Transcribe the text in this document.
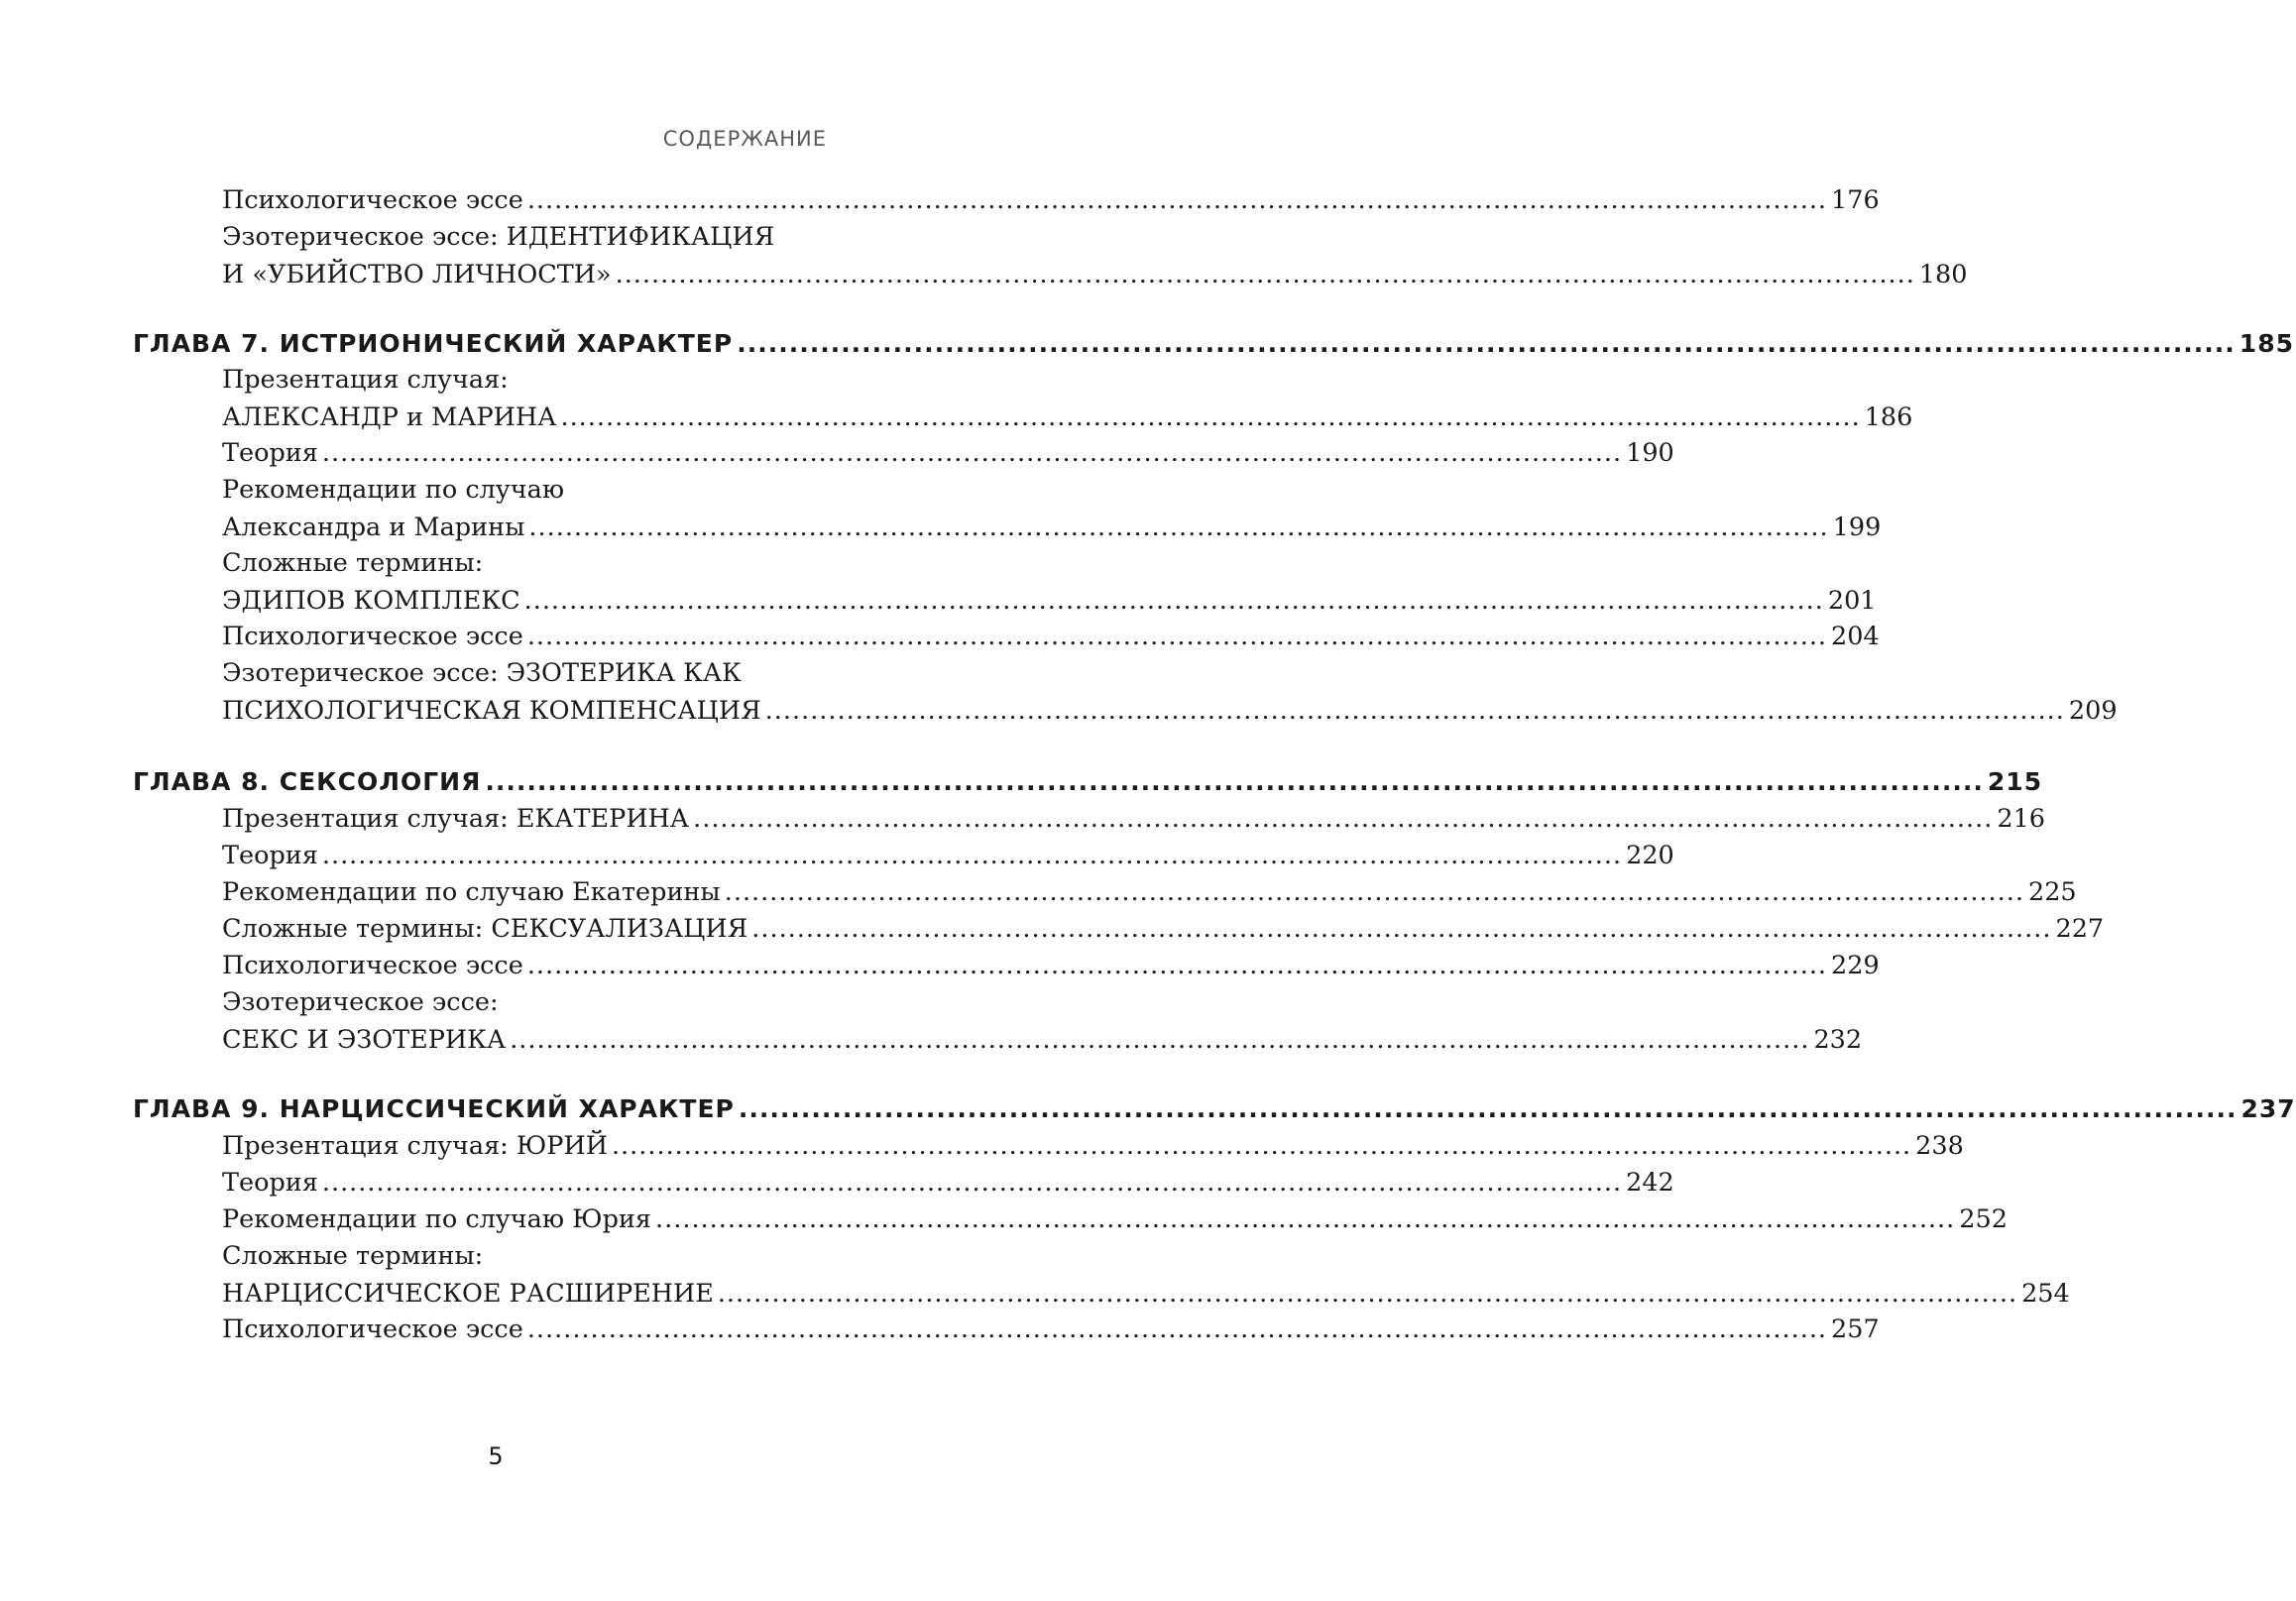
СОДЕРЖАНИЕ
Психологическое эссе ................................................................................................................................................ 176
Эзотерическое эссе: ИДЕНТИФИКАЦИЯ
И «УБИЙСТВО ЛИЧНОСТИ» ................................................................................................................................................ 180
ГЛАВА 7. ИСТРИОНИЧЕСКИЙ ХАРАКТЕР ................................................................................................................................................ 185
Презентация случая:
АЛЕКСАНДР и МАРИНА ................................................................................................................................................ 186
Теория ................................................................................................................................................ 190
Рекомендации по случаю
Александра и Марины ................................................................................................................................................ 199
Сложные термины:
ЭДИПОВ КОМПЛЕКС ................................................................................................................................................ 201
Психологическое эссе ................................................................................................................................................ 204
Эзотерическое эссе: ЭЗОТЕРИКА КАК
ПСИХОЛОГИЧЕСКАЯ КОМПЕНСАЦИЯ ................................................................................................................................................ 209
ГЛАВА 8. СЕКСОЛОГИЯ ................................................................................................................................................ 215
Презентация случая: ЕКАТЕРИНА ................................................................................................................................................ 216
Теория ................................................................................................................................................ 220
Рекомендации по случаю Екатерины ................................................................................................................................................ 225
Сложные термины: СЕКСУАЛИЗАЦИЯ ................................................................................................................................................ 227
Психологическое эссе ................................................................................................................................................ 229
Эзотерическое эссе:
СЕКС И ЭЗОТЕРИКА ................................................................................................................................................ 232
ГЛАВА 9. НАРЦИССИЧЕСКИЙ ХАРАКТЕР ................................................................................................................................................ 237
Презентация случая: ЮРИЙ ................................................................................................................................................ 238
Теория ................................................................................................................................................ 242
Рекомендации по случаю Юрия ................................................................................................................................................ 252
Сложные термины:
НАРЦИССИЧЕСКОЕ РАСШИРЕНИЕ ................................................................................................................................................ 254
Психологическое эссе ................................................................................................................................................ 257
5
